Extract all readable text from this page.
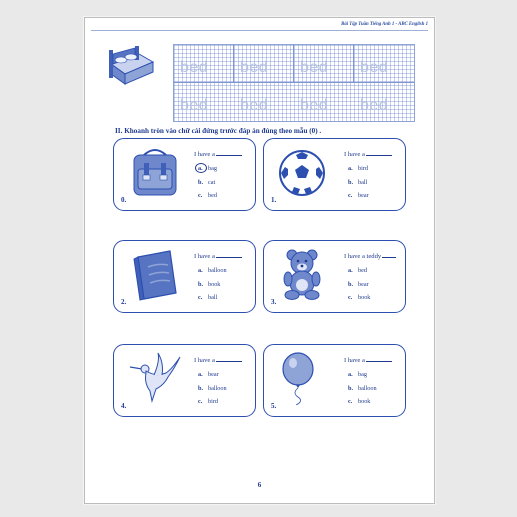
Bài Tập Tuần Tiếng Anh 1 - ABC English 1
bed bed bed bed
bed bed bed bed
II. Khoanh tròn vào chữ cái đứng trước đáp án đúng theo mẫu (0) .
I have a
a. bag
b. cat
c. bed
0.
I have a
a. bird
b. ball
c. bear
1.
I have a
a. balloon
b. book
c. ball
2.
I have a teddy
a. bed
b. bear
c. book
3.
I have a
a. bear
b. balloon
c. bird
4.
I have a
a. bag
b. balloon
c. book
5.
6
